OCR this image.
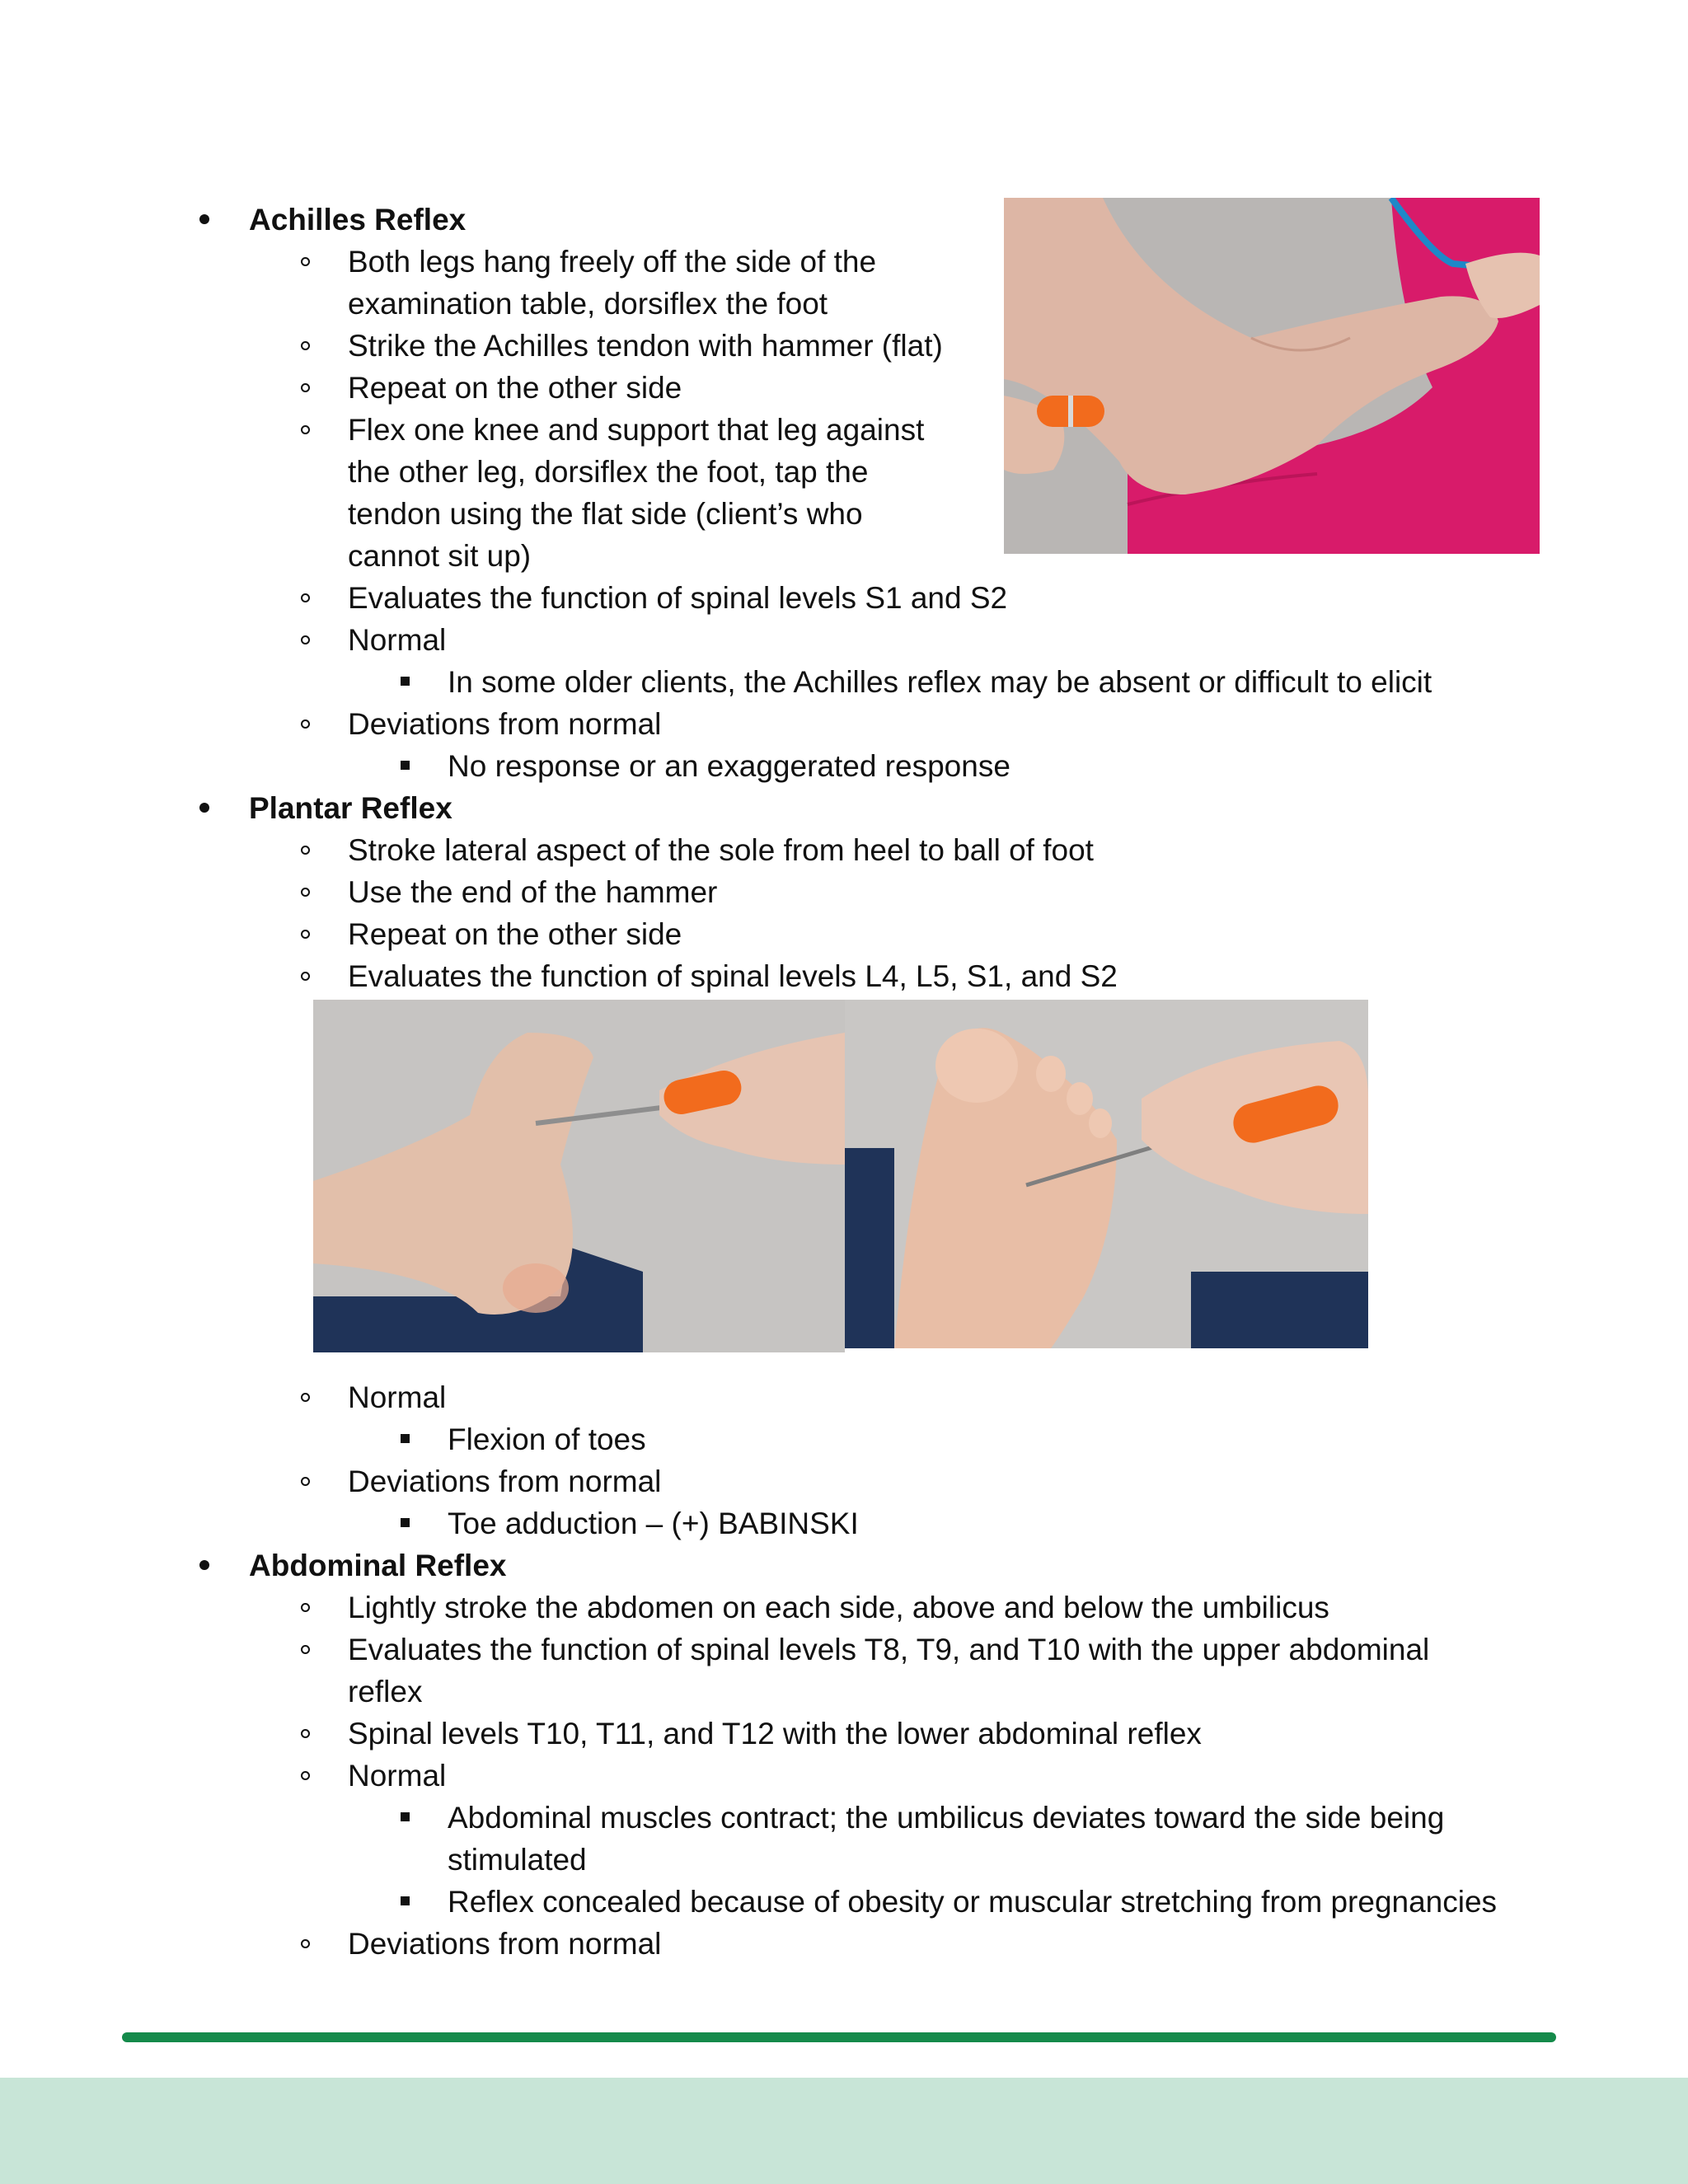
Achilles Reflex
Both legs hang freely off the side of the
examination table, dorsiflex the foot
Strike the Achilles tendon with hammer (flat)
Repeat on the other side
Flex one knee and support that leg against
the other leg, dorsiflex the foot, tap the
tendon using the flat side (client’s who
cannot sit up)
Evaluates the function of spinal levels S1 and S2
Normal
In some older clients, the Achilles reflex may be absent or difficult to elicit
Deviations from normal
No response or an exaggerated response
Plantar Reflex
Stroke lateral aspect of the sole from heel to ball of foot
Use the end of the hammer
Repeat on the other side
Evaluates the function of spinal levels L4, L5, S1, and S2
Normal
Flexion of toes
Deviations from normal
Toe adduction – (+) BABINSKI
Abdominal Reflex
Lightly stroke the abdomen on each side, above and below the umbilicus
Evaluates the function of spinal levels T8, T9, and T10 with the upper abdominal
reflex
Spinal levels T10, T11, and T12 with the lower abdominal reflex
Normal
Abdominal muscles contract; the umbilicus deviates toward the side being
stimulated
Reflex concealed because of obesity or muscular stretching from pregnancies
Deviations from normal
